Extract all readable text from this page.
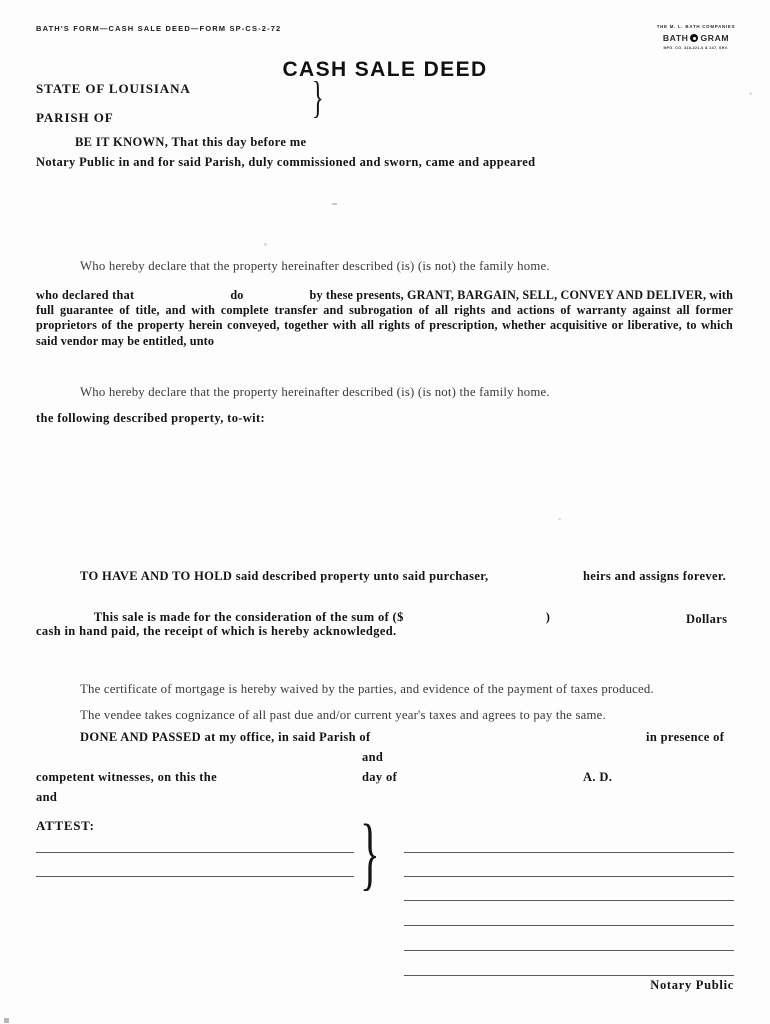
BATH'S FORM—CASH SALE DEED—FORM SP-CS-2-72	THE M. L. BATH COMPANIES
BATH GRAM
MFG. CO. 318-221-6 & 147, SHV.
CASH SALE DEED
STATE OF LOUISIANA
PARISH OF	}
BE IT KNOWN, That this day before me
Notary Public in and for said Parish, duly commissioned and sworn, came and appeared
Who hereby declare that the property hereinafter described (is) (is not) the family home.
who declared that	do	by these presents, GRANT, BARGAIN, SELL, CONVEY AND DELIVER, with full guarantee of title, and with complete transfer and subrogation of all rights and actions of warranty against all former proprietors of the property herein conveyed, together with all rights of prescription, whether acquisitive or liberative, to which said vendor may be entitled, unto
Who hereby declare that the property hereinafter described (is) (is not) the family home.
the following described property, to-wit:
TO HAVE AND TO HOLD said described property unto said purchaser,	heirs and assigns forever.

This sale is made for the consideration of the sum of ($	)
	Dollars
cash in hand paid, the receipt of which is hereby acknowledged.
The certificate of mortgage is hereby waived by the parties, and evidence of the payment of taxes produced.
The vendee takes cognizance of all past due and/or current year's taxes and agrees to pay the same.
DONE AND PASSED at my office, in said Parish of	in presence of
and
competent witnesses, on this the	day of	A. D.
and
ATTEST:	}
Notary Public
